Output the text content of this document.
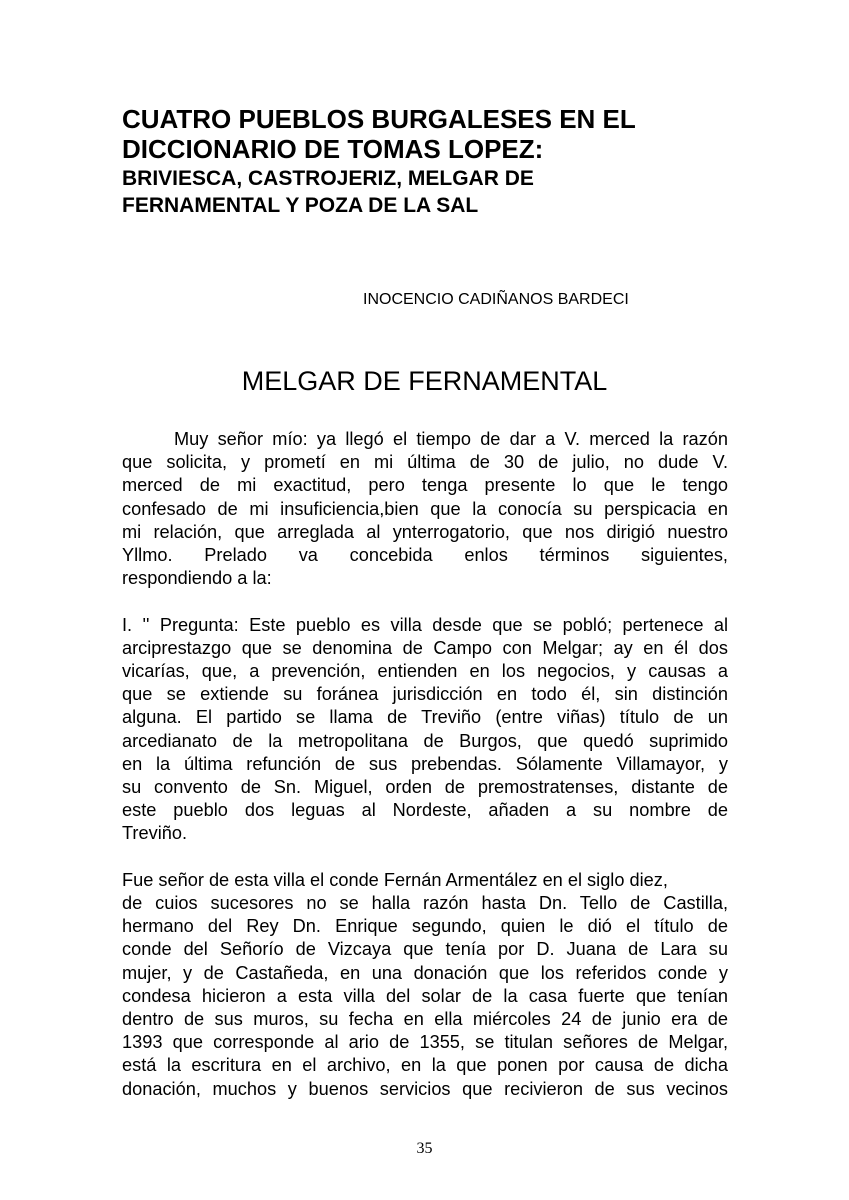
CUATRO PUEBLOS BURGALESES EN EL
DICCIONARIO DE TOMAS LOPEZ:
BRIVIESCA, CASTROJERIZ, MELGAR DE
FERNAMENTAL Y POZA DE LA SAL
INOCENCIO CADIÑANOS BARDECI
MELGAR DE FERNAMENTAL

Muy señor mío: ya llegó el tiempo de dar a V. merced la razón
que solicita, y prometí en mi última de 30 de julio, no dude V.
merced de mi exactitud, pero tenga presente lo que le tengo
confesado de mi insuficiencia,bien que la conocía su perspicacia en
mi relación, que arreglada al ynterrogatorio, que nos dirigió nuestro
Yllmo. Prelado va concebida enlos términos siguientes,
respondiendo a la:

I. '' Pregunta: Este pueblo es villa desde que se pobló; pertenece al
arciprestazgo que se denomina de Campo con Melgar; ay en él dos
vicarías, que, a prevención, entienden en los negocios, y causas a
que se extiende su foránea jurisdicción en todo él, sin distinción
alguna. El partido se llama de Treviño (entre viñas) título de un
arcedianato de la metropolitana de Burgos, que quedó suprimido
en la última refunción de sus prebendas. Sólamente Villamayor, y
su convento de Sn. Miguel, orden de premostratenses, distante de
este pueblo dos leguas al Nordeste, añaden a su nombre de
Treviño.

Fue señor de esta villa el conde Fernán Armentález en el siglo diez,
de cuios sucesores no se halla razón hasta Dn. Tello de Castilla,
hermano del Rey Dn. Enrique segundo, quien le dió el título de
conde del Señorío de Vizcaya que tenía por D. Juana de Lara su
mujer, y de Castañeda, en una donación que los referidos conde y
condesa hicieron a esta villa del solar de la casa fuerte que tenían
dentro de sus muros, su fecha en ella miércoles 24 de junio era de
1393 que corresponde al ario de 1355, se titulan señores de Melgar,
está la escritura en el archivo, en la que ponen por causa de dicha
donación, muchos y buenos servicios que recivieron de sus vecinos

35
